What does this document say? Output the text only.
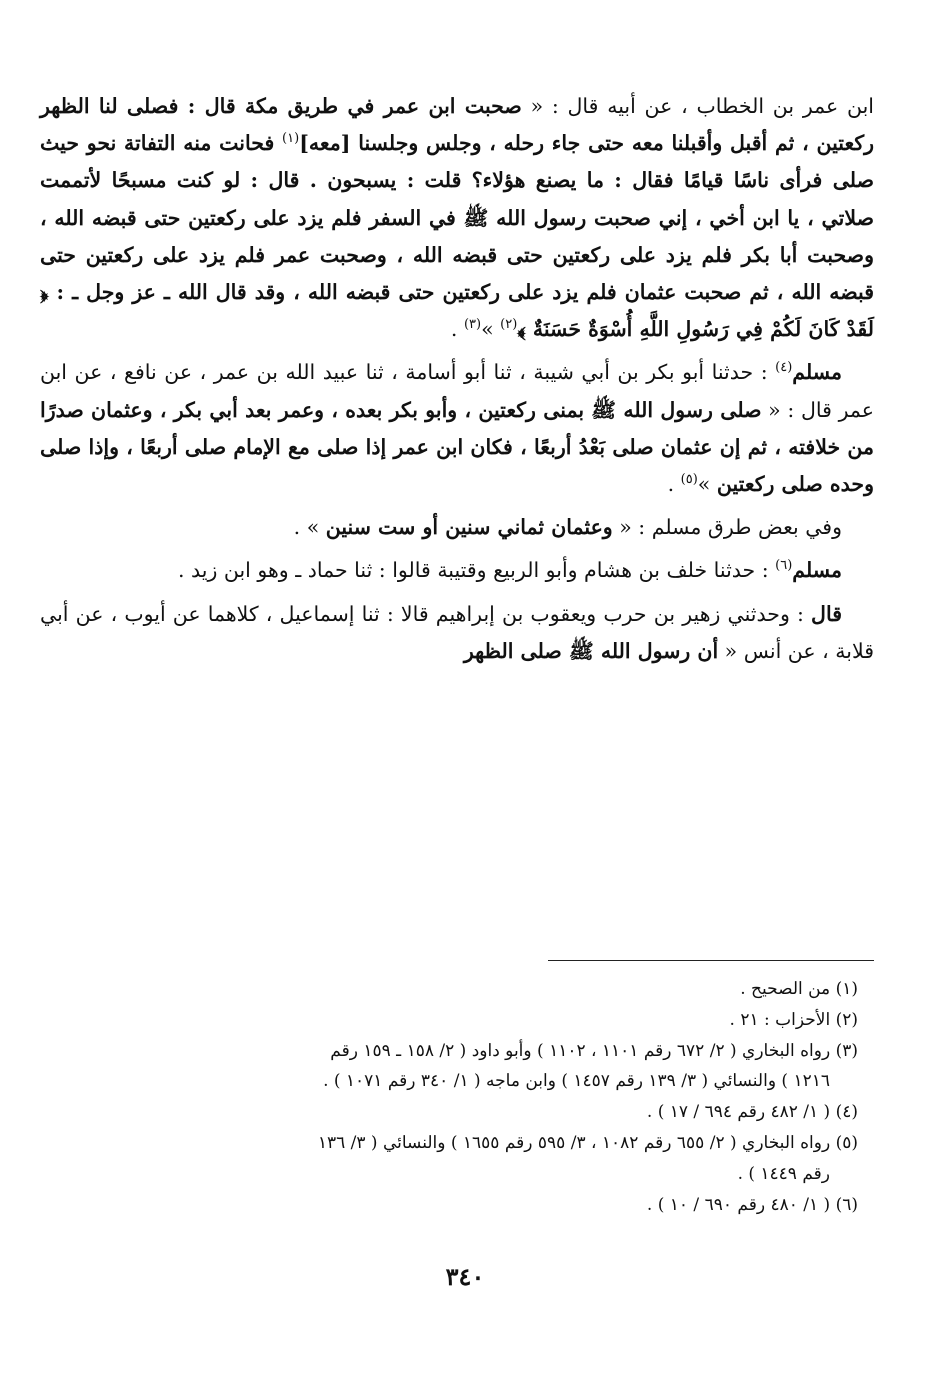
ابن عمر بن الخطاب ، عن أبيه قال : « صحبت ابن عمر في طريق مكة قال : فصلى لنا الظهر ركعتين ، ثم أقبل وأقبلنا معه حتى جاء رحله ، وجلس وجلسنا [معه]$^{(١)}$ فحانت منه التفاتة نحو حيث صلى فرأى ناسًا قيامًا فقال : ما يصنع هؤلاء؟ قلت : يسبحون . قال : لو كنت مسبحًا لأتممت صلاتي ، يا ابن أخي ، إني صحبت رسول الله ﷺ في السفر فلم يزد على ركعتين حتى قبضه الله ، وصحبت أبا بكر فلم يزد على ركعتين حتى قبضه الله ، وصحبت عمر فلم يزد على ركعتين حتى قبضه الله ، ثم صحبت عثمان فلم يزد على ركعتين حتى قبضه الله ، وقد قال الله ـ عز وجل ـ : ﴿ لَقَدْ كَانَ لَكُمْ فِي رَسُولِ اللَّهِ أُسْوَةٌ حَسَنَةٌ ﴾$^{(٢)}$ »$^{(٣)}$ .

مسلم$^{(٤)}$ : حدثنا أبو بكر بن أبي شيبة ، ثنا أبو أسامة ، ثنا عبيد الله بن عمر ، عن نافع ، عن ابن عمر قال : « صلى رسول الله ﷺ بمنى ركعتين ، وأبو بكر بعده ، وعمر بعد أبي بكر ، وعثمان صدرًا من خلافته ، ثم إن عثمان صلى بَعْدُ أربعًا ، فكان ابن عمر إذا صلى مع الإمام صلى أربعًا ، وإذا صلى وحده صلى ركعتين »$^{(٥)}$ .

وفي بعض طرق مسلم : « وعثمان ثماني سنين أو ست سنين » .

مسلم$^{(٦)}$ : حدثنا خلف بن هشام وأبو الربيع وقتيبة قالوا : ثنا حماد ـ وهو ابن زيد .

قال : وحدثني زهير بن حرب ويعقوب بن إبراهيم قالا : ثنا إسماعيل ، كلاهما عن أيوب ، عن أبي قلابة ، عن أنس « أن رسول الله ﷺ صلى الظهر

(١) من الصحيح .

(٢) الأحزاب : ٢١ .

(٣) رواه البخاري ( ٢/ ٦٧٢ رقم ١١٠١ ، ١١٠٢ ) وأبو داود ( ٢/ ١٥٨ ـ ١٥٩ رقم

١٢١٦ ) والنسائي ( ٣/ ١٣٩ رقم ١٤٥٧ ) وابن ماجه ( ١/ ٣٤٠ رقم ١٠٧١ ) .

(٤) ( ١/ ٤٨٢ رقم ٦٩٤ / ١٧ ) .

(٥) رواه البخاري ( ٢/ ٦٥٥ رقم ١٠٨٢ ، ٣/ ٥٩٥ رقم ١٦٥٥ ) والنسائي ( ٣/ ١٣٦

رقم ١٤٤٩ ) .

(٦) ( ١/ ٤٨٠ رقم ٦٩٠ / ١٠ ) .

٣٤٠
